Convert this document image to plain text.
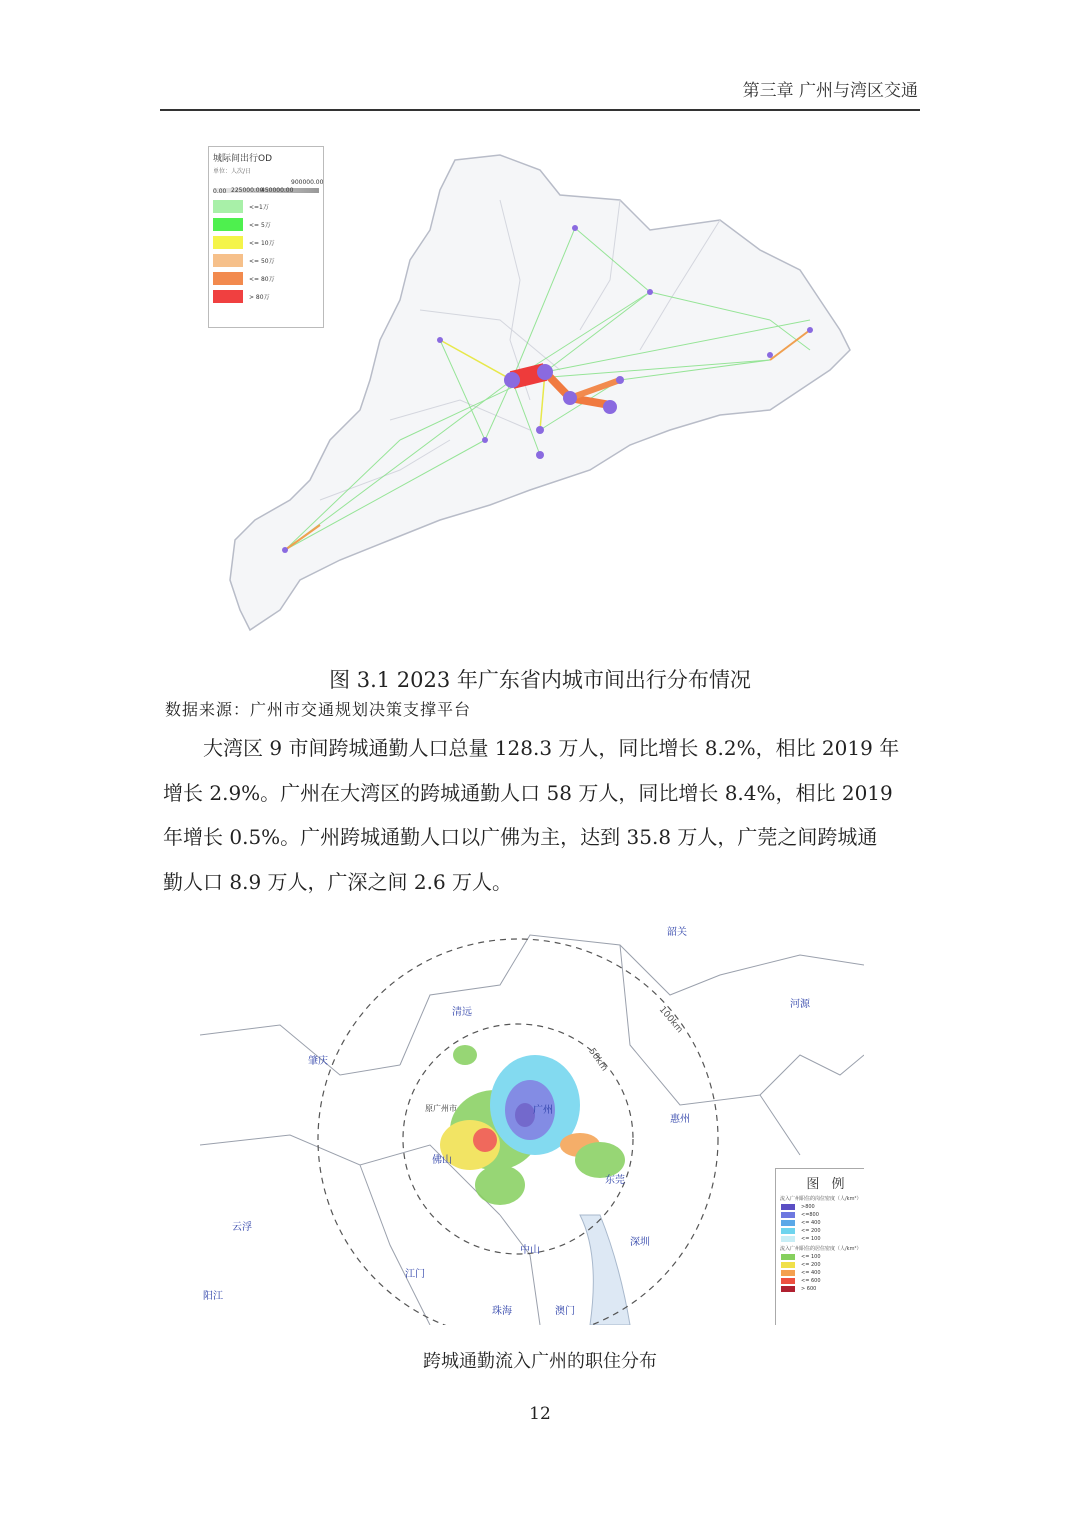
第三章 广州与湾区交通
城际间出行OD
单位：人次/日
0.00 225000.00
450000.00
900000.00
<=1万
<= 5万
<= 10万
<= 50万
<= 80万
> 80万
图 3.1 2023 年广东省内城市间出行分布情况
数据来源：广州市交通规划决策支撑平台
大湾区 9 市间跨城通勤人口总量 128.3 万人，同比增长 8.2%，相比 2019 年
增长 2.9%。广州在大湾区的跨城通勤人口 58 万人，同比增长 8.4%，相比 2019
年增长 0.5%。广州跨城通勤人口以广佛为主，达到 35.8 万人，广莞之间跨城通
勤人口 8.9 万人，广深之间 2.6 万人。
韶关
清远
河源
肇庆
广州
原广州市
惠州
佛山
东莞
云浮
中山
深圳
江门
阳江
珠海	澳门
100km
50km
图 例
流入广州职住的岗位密度（人/km²）
>800
<=800
<= 400
<= 200
<= 100
流入广州职住的居住密度（人/km²）
<= 100
<= 200
<= 400
<= 600
> 600
跨城通勤流入广州的职住分布
12
